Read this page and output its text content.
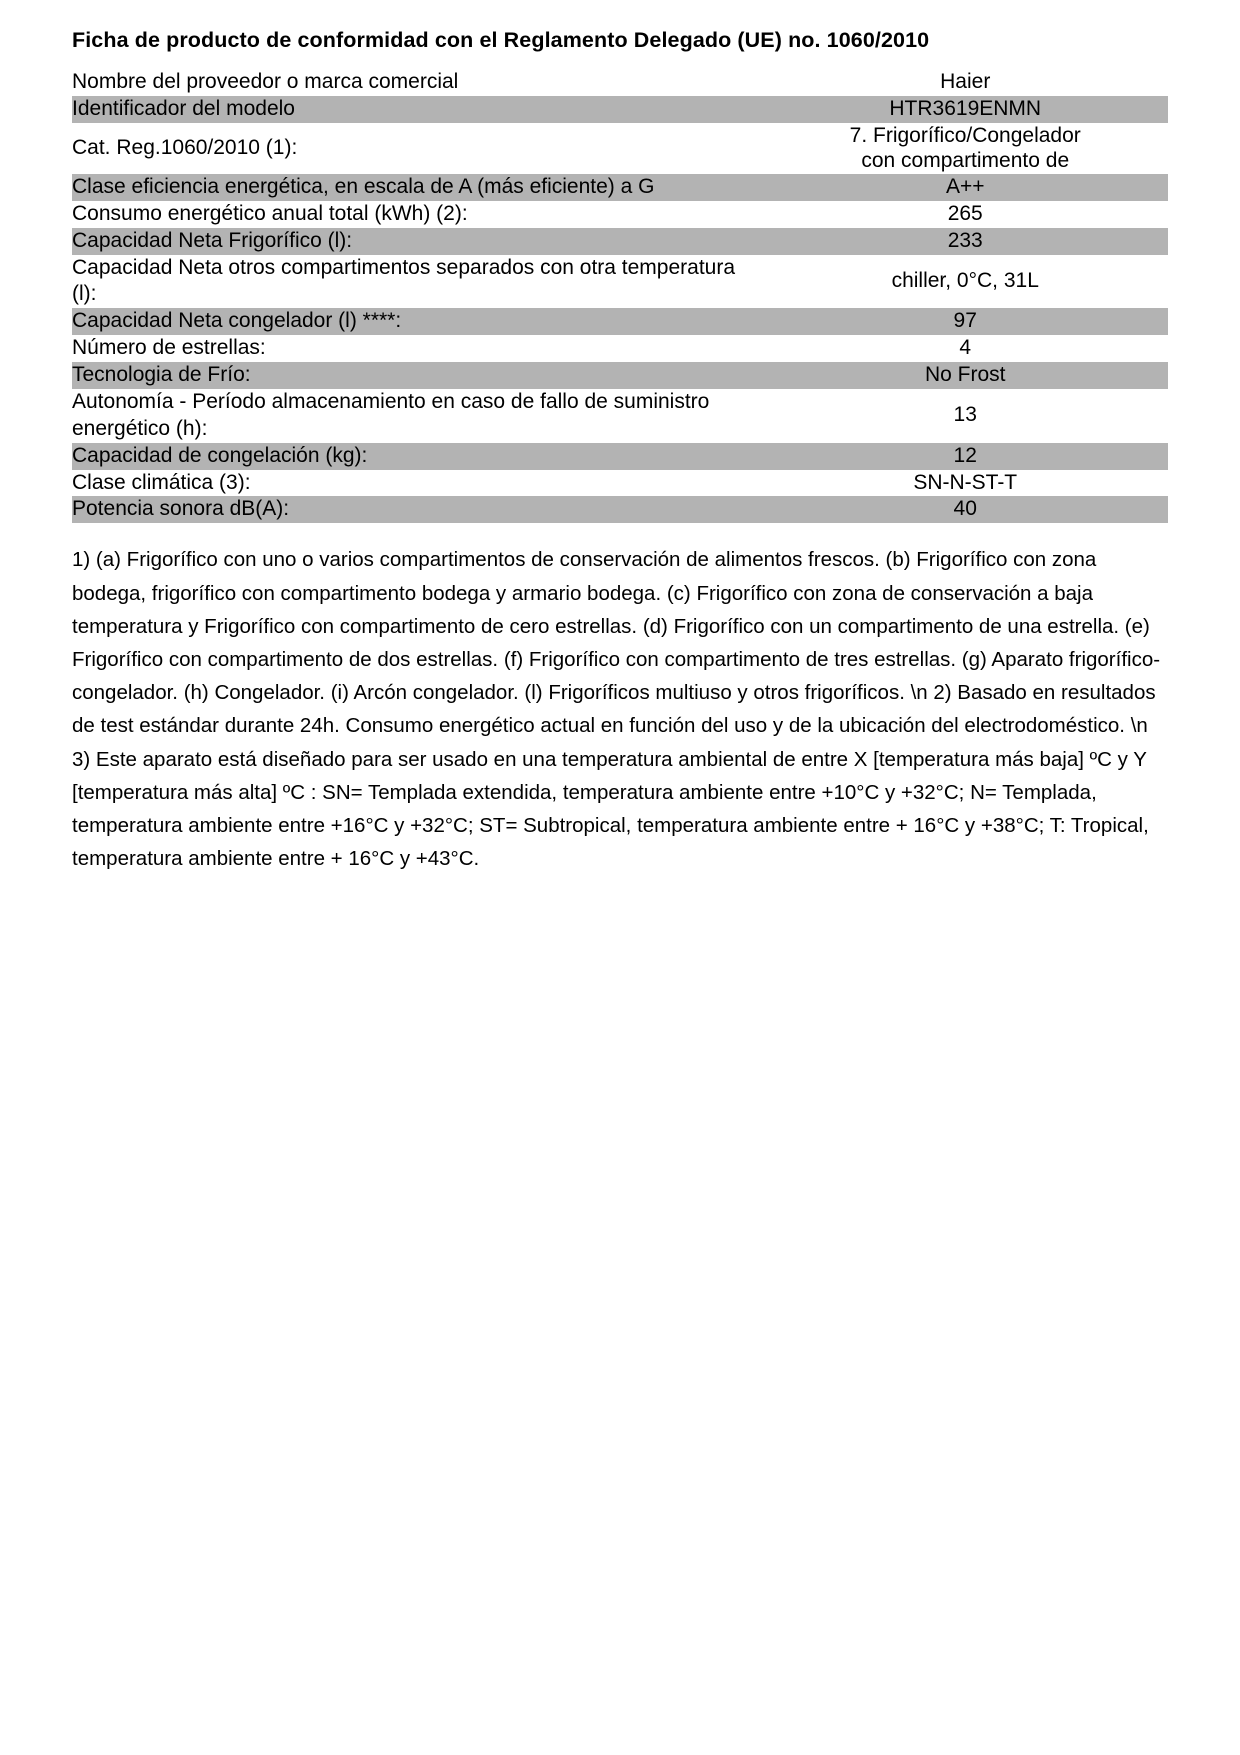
Ficha de producto de conformidad con el Reglamento Delegado (UE) no. 1060/2010
Nombre del proveedor o marca comercial	Haier
Identificador del modelo	HTR3619ENMN
Cat. Reg.1060/2010 (1):	7. Frigorífico/Congelador
con compartimento de

Clase eficiencia energética, en escala de A (más eficiente) a G	A++
Consumo energético anual total (kWh) (2):	265
Capacidad Neta Frigorífico (l):	233
Capacidad Neta otros compartimentos separados con otra temperatura (l):	chiller, 0°C, 31L
Capacidad Neta congelador (l) ****:	97
Número de estrellas:	4
Tecnologia de Frío:	No Frost
Autonomía - Período almacenamiento en caso de fallo de suministro energético (h):	13
Capacidad de congelación (kg):	12
Clase climática (3):	SN-N-ST-T
Potencia sonora dB(A):	40
1) (a) Frigorífico con uno o varios compartimentos de conservación de alimentos frescos. (b) Frigorífico con zona bodega, frigorífico con compartimento bodega y armario bodega. (c) Frigorífico con zona de conservación a baja temperatura y Frigorífico con compartimento de cero estrellas. (d) Frigorífico con un compartimento de una estrella. (e) Frigorífico con compartimento de dos estrellas. (f) Frigorífico con compartimento de tres estrellas. (g) Aparato frigorífico-congelador. (h) Congelador. (i) Arcón congelador. (l) Frigoríficos multiuso y otros frigoríficos. \n 2) Basado en resultados de test estándar durante 24h. Consumo energético actual en función del uso y de la ubicación del electrodoméstico. \n 3) Este aparato está diseñado para ser usado en una temperatura ambiental de entre X [temperatura más baja] ºC y Y [temperatura más alta] ºC : SN= Templada extendida, temperatura ambiente entre +10°C y +32°C; N= Templada, temperatura ambiente entre +16°C y +32°C; ST= Subtropical, temperatura ambiente entre + 16°C y +38°C; T: Tropical, temperatura ambiente entre + 16°C y +43°C.
